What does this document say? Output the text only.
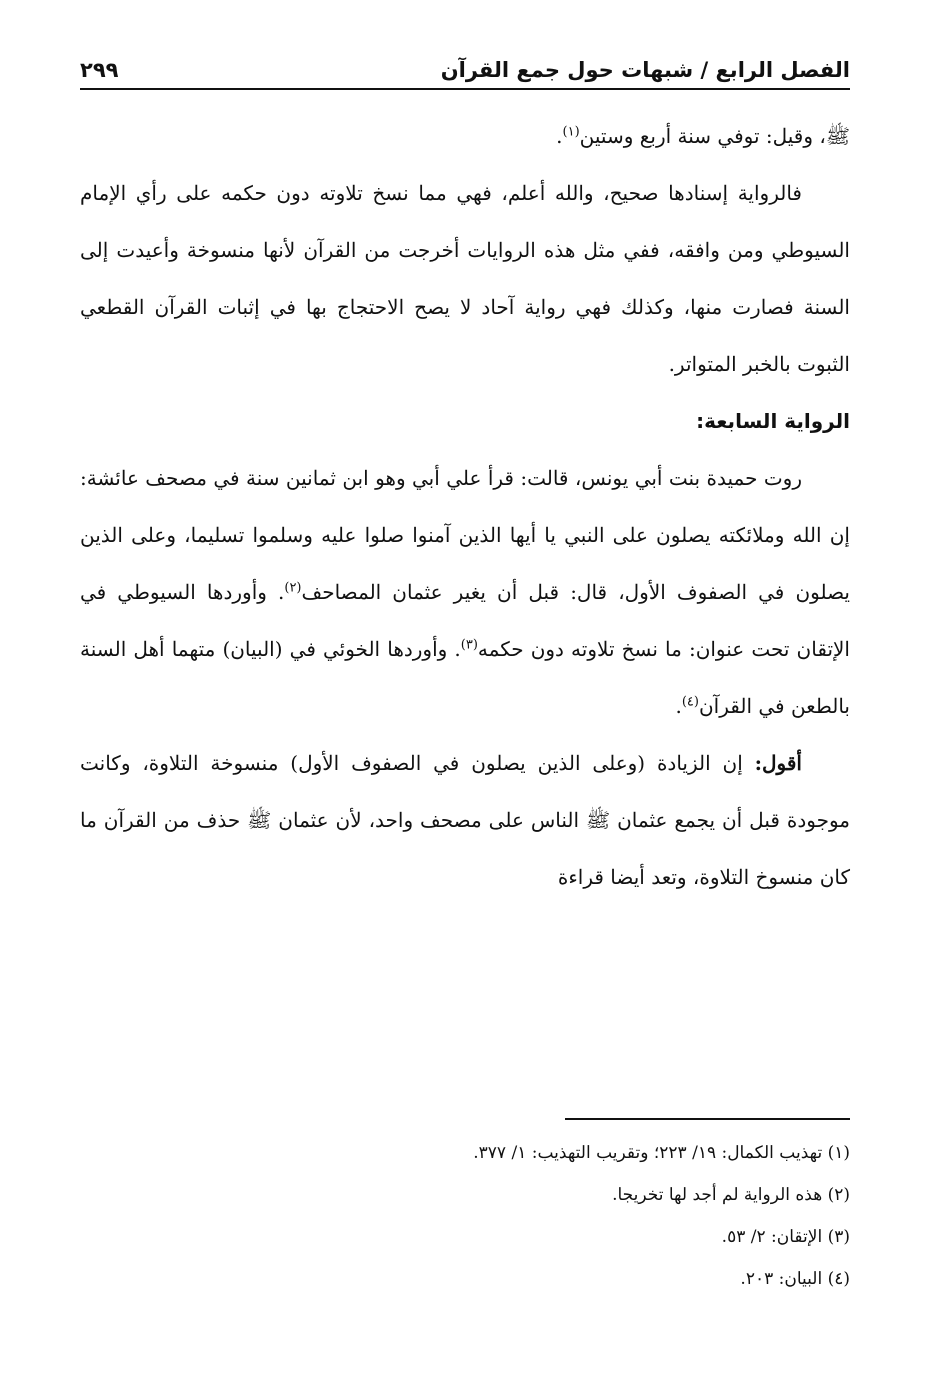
الفصل الرابع / شبهات حول جمع القرآن
٢٩٩

ﷺ، وقيل: توفي سنة أربع وستين$^{(١)}$.

فالرواية إسنادها صحيح، والله أعلم، فهي مما نسخ تلاوته دون حكمه على رأي الإمام السيوطي ومن وافقه، ففي مثل هذه الروايات أخرجت من القرآن لأنها منسوخة وأعيدت إلى السنة فصارت منها، وكذلك فهي رواية آحاد لا يصح الاحتجاج بها في إثبات القرآن القطعي الثبوت بالخبر المتواتر.

الرواية السابعة:

روت حميدة بنت أبي يونس، قالت: قرأ علي أبي وهو ابن ثمانين سنة في مصحف عائشة: إن الله وملائكته يصلون على النبي يا أيها الذين آمنوا صلوا عليه وسلموا تسليما، وعلى الذين يصلون في الصفوف الأول، قال: قبل أن يغير عثمان المصاحف$^{(٢)}$. وأوردها السيوطي في الإتقان تحت عنوان: ما نسخ تلاوته دون حكمه$^{(٣)}$. وأوردها الخوئي في (البيان) متهما أهل السنة بالطعن في القرآن$^{(٤)}$.

أقول: إن الزيادة (وعلى الذين يصلون في الصفوف الأول) منسوخة التلاوة، وكانت موجودة قبل أن يجمع عثمان ﷺ الناس على مصحف واحد، لأن عثمان ﷺ حذف من القرآن ما كان منسوخ التلاوة، وتعد أيضا قراءة

(١) تهذيب الكمال: ١٩/ ٢٢٣؛ وتقريب التهذيب: ١/ ٣٧٧.
(٢) هذه الرواية لم أجد لها تخريجا.
(٣) الإتقان: ٢/ ٥٣.
(٤) البيان: ٢٠٣.
